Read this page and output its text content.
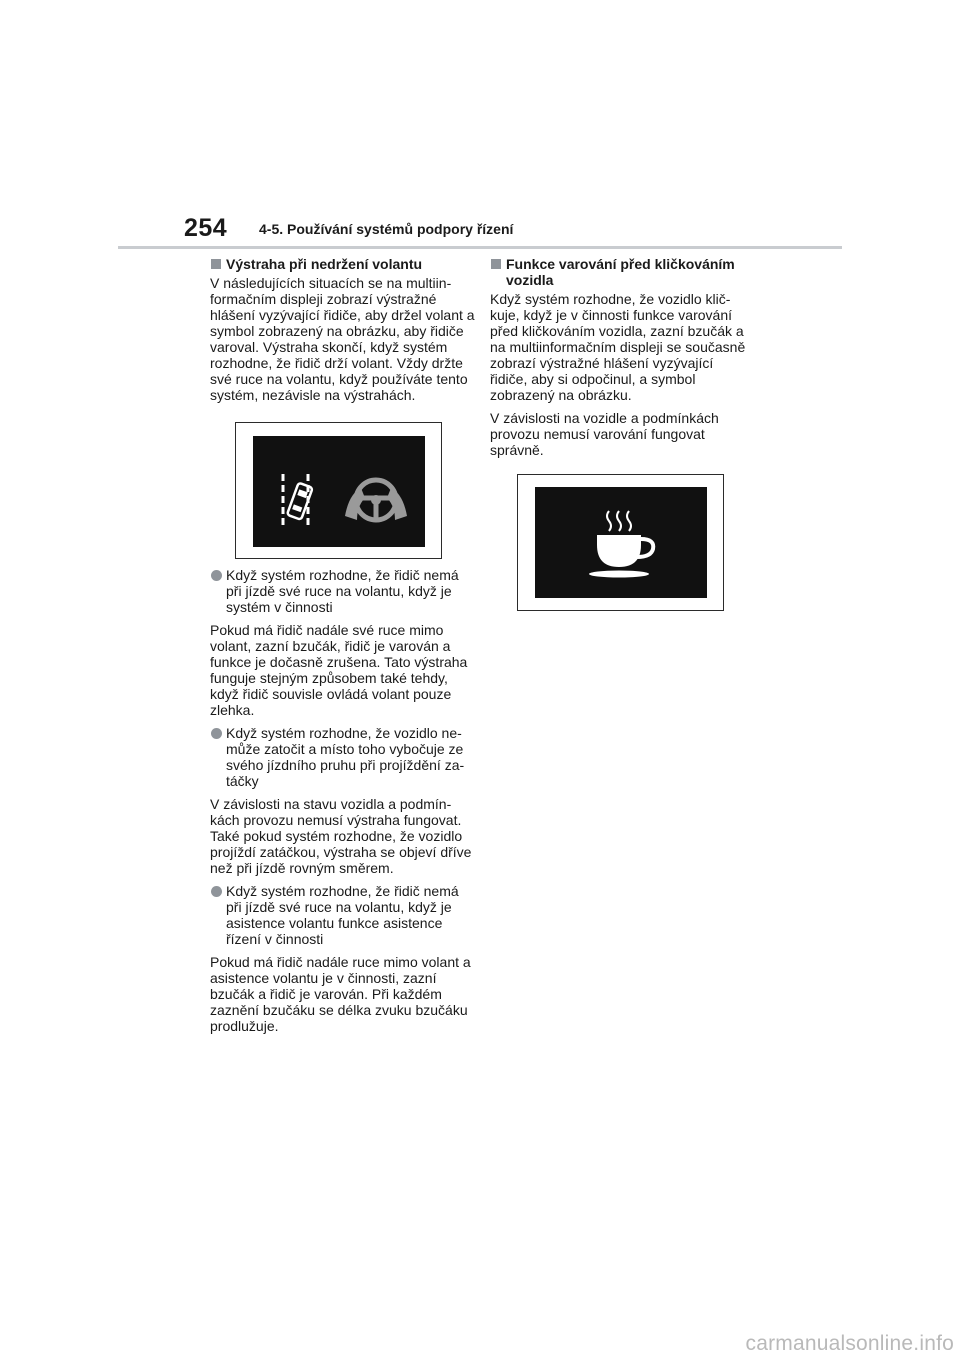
254 4-5. Používání systémů podpory řízení
Výstraha při nedržení volantu

V následujících situacích se na multiinformačním displeji zobrazí výstražné hlášení vyzývající řidiče, aby držel volant a symbol zobrazený na obrázku, aby řidiče varoval. Výstraha skončí, když systém rozhodne, že řidič drží volant. Vždy držte své ruce na volantu, když používáte tento systém, nezávisle na výstrahách.

Když systém rozhodne, že řidič nemá při jízdě své ruce na volantu, když je systém v činnosti

Pokud má řidič nadále své ruce mimo volant, zazní bzučák, řidič je varován a funkce je dočasně zrušena. Tato výstraha funguje stejným způsobem také tehdy, když řidič souvisle ovládá volant pouze zlehka.

Když systém rozhodne, že vozidlo nemůže zatočit a místo toho vybočuje ze svého jízdního pruhu při projíždění zatáčky

V závislosti na stavu vozidla a podmínkách provozu nemusí výstraha fungovat. Také pokud systém rozhodne, že vozidlo projíždí zatáčkou, výstraha se objeví dříve než při jízdě rovným směrem.

Když systém rozhodne, že řidič nemá při jízdě své ruce na volantu, když je asistence volantu funkce asistence řízení v činnosti

Pokud má řidič nadále ruce mimo volant a asistence volantu je v činnosti, zazní bzučák a řidič je varován. Při každém zaznění bzučáku se délka zvuku bzučáku prodlužuje.

Funkce varování před kličkováním vozidla

Když systém rozhodne, že vozidlo kličkuje, když je v činnosti funkce varování před kličkováním vozidla, zazní bzučák a na multiinformačním displeji se současně zobrazí výstražné hlášení vyzývající řidiče, aby si odpočinul, a symbol zobrazený na obrázku.

V závislosti na vozidle a podmínkách provozu nemusí varování fungovat správně.

carmanualsonline.info
